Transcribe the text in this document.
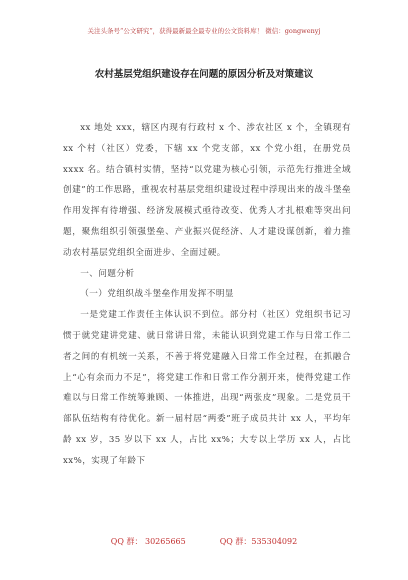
关注头条号“公文研究”，获得最新最全最专业的公文资料库！ 微信：gongwenyj
农村基层党组织建设存在问题的原因分析及对策建议

xx 地处 xxx，辖区内现有行政村 x 个、涉农社区 x 个，全镇现有 xx 个村（社区）党委，下辖 xx 个党支部，xx 个党小组，在册党员 xxxx 名。结合镇村实情，坚持“以党建为核心引领，示范先行推进全域创建”的工作思路，重视农村基层党组织建设过程中浮现出来的战斗堡垒作用发挥有待增强、经济发展模式亟待改变、优秀人才扎根难等突出问题，聚焦组织引领强堡垒、产业振兴促经济、人才建设谋创新，着力推动农村基层党组织全面进步、全面过硬。

一、问题分析

（一）党组织战斗堡垒作用发挥不明显

一是党建工作责任主体认识不到位。部分村（社区）党组织书记习惯于就党建讲党建、就日常讲日常，未能认识到党建工作与日常工作二者之间的有机统一关系，不善于将党建融入日常工作全过程，在抓融合上“心有余而力不足”，将党建工作和日常工作分割开来，使得党建工作难以与日常工作统筹兼顾、一体推进，出现“两张皮”现象。二是党员干部队伍结构有待优化。新一届村居“两委”班子成员共计 xx 人，平均年龄 xx 岁，35 岁以下 xx 人，占比 xx%；大专以上学历 xx 人，占比 xx%，实现了年龄下

QQ 群： 30265665	QQ 群：535304092
